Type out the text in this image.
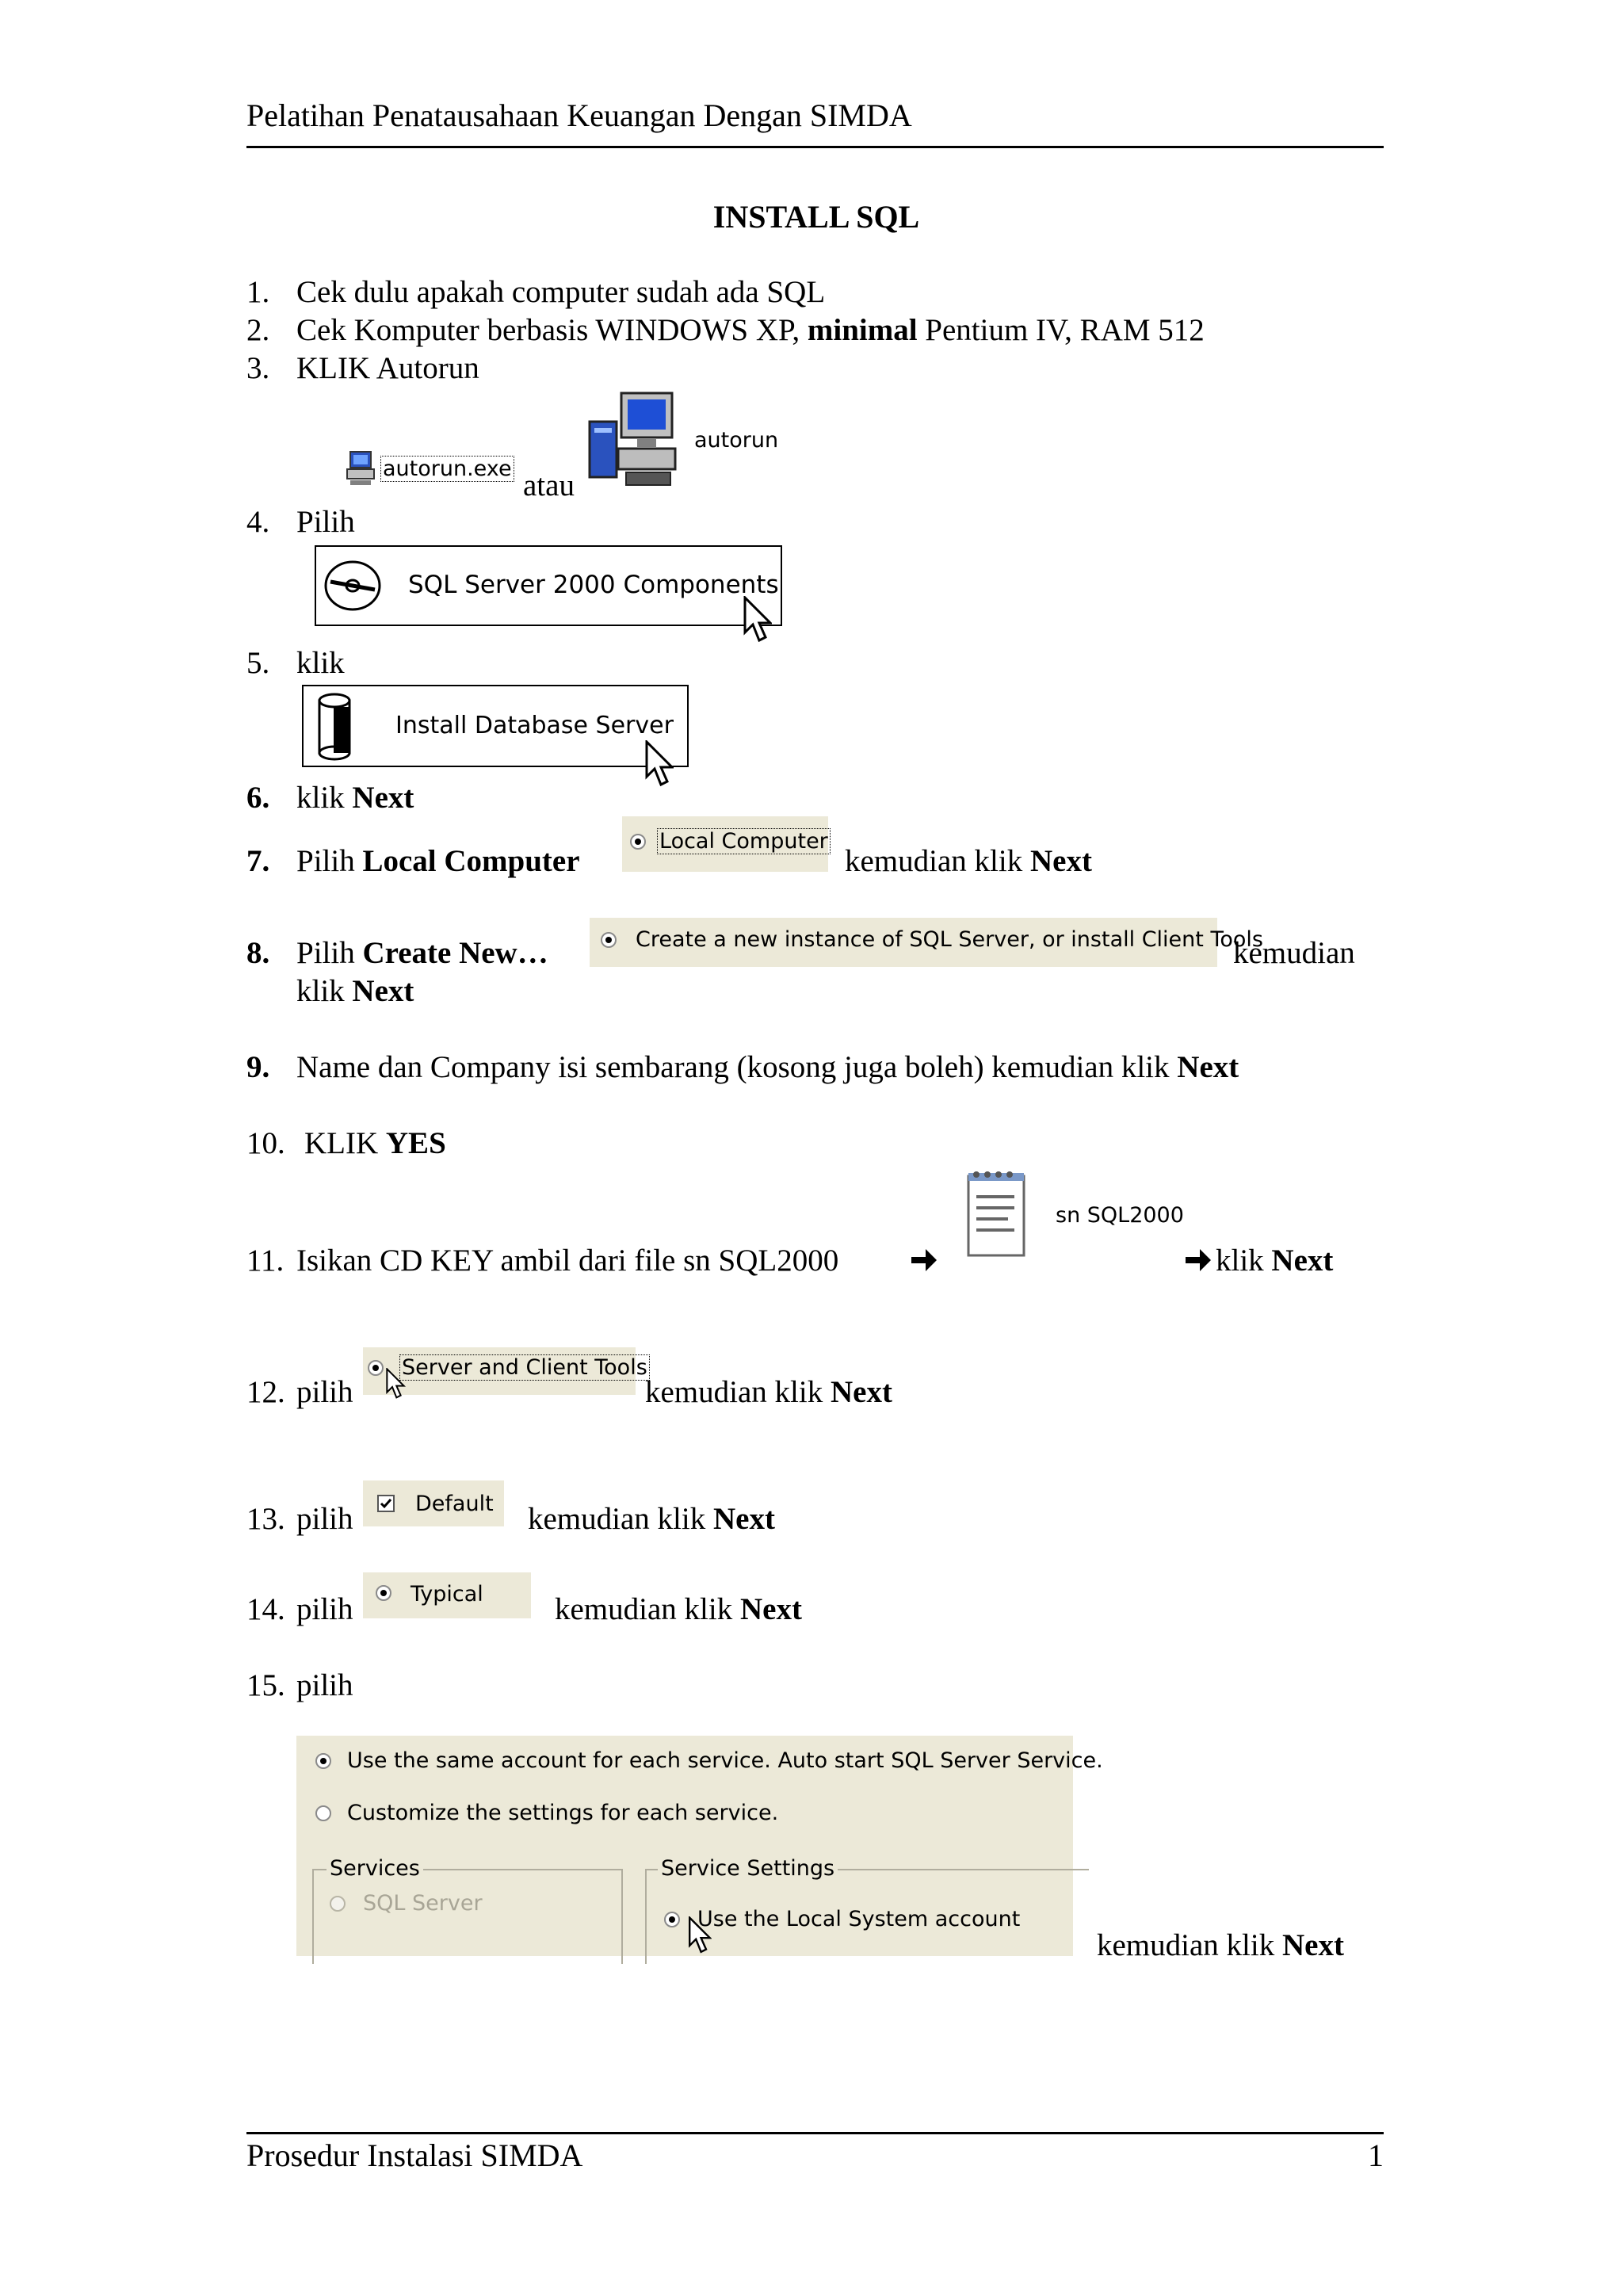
Pelatihan Penatausahaan Keuangan Dengan SIMDA
INSTALL SQL
1. Cek dulu apakah computer sudah ada SQL
2. Cek Komputer berbasis WINDOWS XP, minimal Pentium IV, RAM 512
3. KLIK Autorun
autorun.exe atau
autorun
4. Pilih
SQL Server 2000 Components
5. klik
Install Database Server
6. klik Next
7. Pilih Local Computer
Local Computer
kemudian klik Next
8. Pilih Create New…	Create a new instance of SQL Server, or install Client Tools
kemudian
klik Next
9. Name dan Company isi sembarang (kosong juga boleh) kemudian klik Next
10. KLIK YES
11. Isikan CD KEY ambil dari file sn SQL2000
sn SQL2000
klik Next
12. pilih
Server and Client Tools
kemudian klik Next
13. pilih	Default kemudian klik Next
14. pilih	Typical kemudian klik Next
15. pilih
Use the same account for each service. Auto start SQL Server Service.
Customize the settings for each service.
Services
SQL Server
Service Settings
Use the Local System account
kemudian klik Next
Prosedur Instalasi SIMDA	1
